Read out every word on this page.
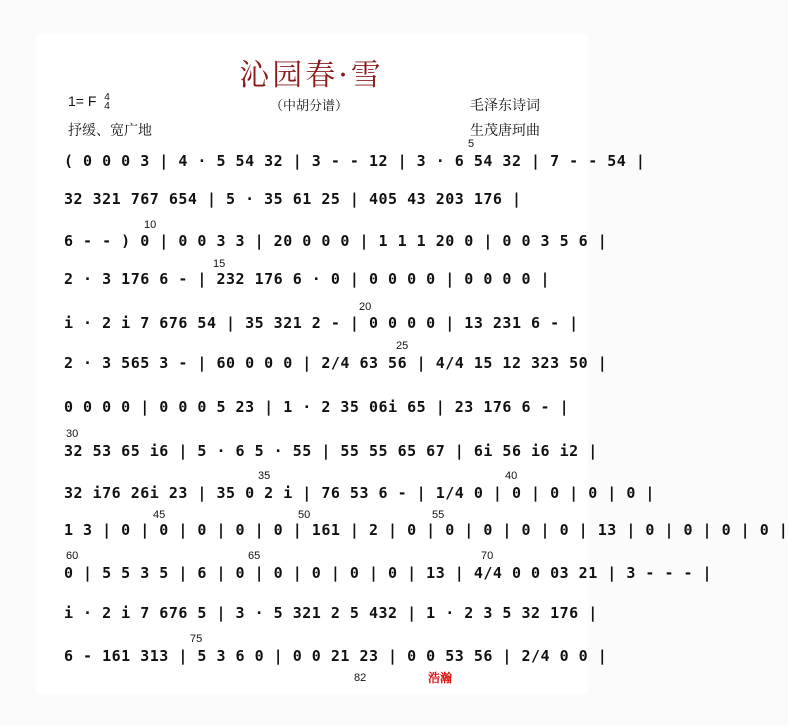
沁园春·雪
1= F 4
4
抒缓、宽广地
（中胡分谱）	毛泽东诗词
生茂唐珂曲
( 0 0 0 3 | 4 · 5 54 32 | 3 - - 12 | 3 · 6 54 32 | 7 - - 54 |
32 321 767 654 | 5 · 35 61 25 | 405 43 203 176 |
6 - - ) 0 | 0 0 3 3 | 20 0 0 0 | 1 1 1 20 0 | 0 0 3 5 6 |
2 · 3 176 6 - | 232 176 6 · 0 | 0 0 0 0 | 0 0 0 0 |
i · 2 i 7 676 54 | 35 321 2 - | 0 0 0 0 | 13 231 6 - |
2 · 3 565 3 - | 60 0 0 0 | 2/4 63 56 | 4/4 15 12 323 50 |
0 0 0 0 | 0 0 0 5 23 | 1 · 2 35 06i 65 | 23 176 6 - |
32 53 65 i6 | 5 · 6 5 · 55 | 55 55 65 67 | 6i 56 i6 i2 |
32 i76 26i 23 | 35 0 2 i | 76 53 6 - | 1/4 0 | 0 | 0 | 0 | 0 |
1 3 | 0 | 0 | 0 | 0 | 0 | 161 | 2 | 0 | 0 | 0 | 0 | 0 | 13 | 0 | 0 | 0 | 0 |
0 | 5 5 3 5 | 6 | 0 | 0 | 0 | 0 | 0 | 13 | 4/4 0 0 03 21 | 3 - - - |
i · 2 i 7 676 5 | 3 · 5 321 2 5 432 | 1 · 2 3 5 32 176 |
6 - 161 313 | 5 3 6 0 | 0 0 21 23 | 0 0 53 56 | 2/4 0 0 |
5
10
15
20
25
30
35	40
45	50	55
60	65	70
75
82	浩瀚
